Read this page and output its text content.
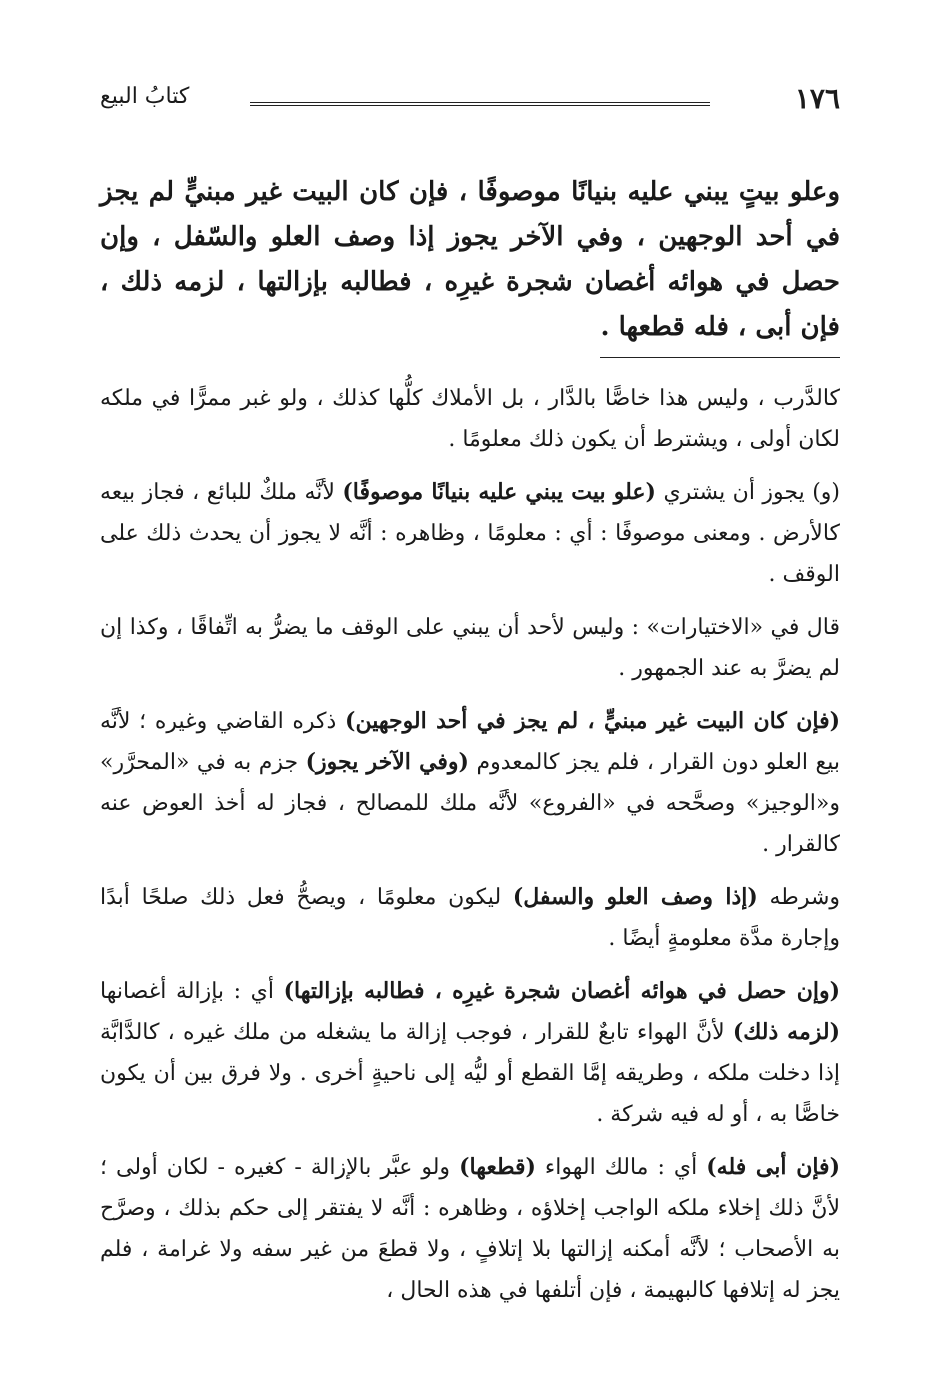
١٧٦
كتابُ البيع
وعلو بيتٍ يبني عليه بنيانًا موصوفًا ، فإن كان البيت غير مبنيٍّ لم يجز في أحد الوجهين ، وفي الآخر يجوز إذا وصف العلو والسّفل ، وإن حصل في هوائه أغصان شجرة غيرِه ، فطالبه بإزالتها ، لزمه ذلك ، فإن أبى ، فله قطعها .

كالدَّرب ، وليس هذا خاصًّا بالدَّار ، بل الأملاك كلُّها كذلك ، ولو غبر ممرًّا في ملكه لكان أولى ، ويشترط أن يكون ذلك معلومًا .

(و) يجوز أن يشتري (علو بيت يبني عليه بنيانًا موصوفًا) لأنَّه ملكٌ للبائع ، فجاز بيعه كالأرض . ومعنى موصوفًا : أي : معلومًا ، وظاهره : أنَّه لا يجوز أن يحدث ذلك على الوقف .

قال في «الاختيارات» : وليس لأحد أن يبني على الوقف ما يضرُّ به اتِّفاقًا ، وكذا إن لم يضرَّ به عند الجمهور .

(فإن كان البيت غير مبنيٍّ ، لم يجز في أحد الوجهين) ذكره القاضي وغيره ؛ لأنَّه بيع العلو دون القرار ، فلم يجز كالمعدوم (وفي الآخر يجوز) جزم به في «المحرَّر» و«الوجيز» وصحَّحه في «الفروع» لأنَّه ملك للمصالح ، فجاز له أخذ العوض عنه كالقرار .

وشرطه (إذا وصف العلو والسفل) ليكون معلومًا ، ويصحُّ فعل ذلك صلحًا أبدًا وإجارة مدَّة معلومةٍ أيضًا .

(وإن حصل في هوائه أغصان شجرة غيرِه ، فطالبه بإزالتها) أي : بإزالة أغصانها (لزمه ذلك) لأنَّ الهواء تابعٌ للقرار ، فوجب إزالة ما يشغله من ملك غيره ، كالدَّابَّة إذا دخلت ملكه ، وطريقه إمَّا القطع أو ليُّه إلى ناحيةٍ أخرى . ولا فرق بين أن يكون خاصًّا به ، أو له فيه شركة .

(فإن أبى فله) أي : مالك الهواء (قطعها) ولو عبَّر بالإزالة - كغيره - لكان أولى ؛ لأنَّ ذلك إخلاء ملكه الواجب إخلاؤه ، وظاهره : أنَّه لا يفتقر إلى حكم بذلك ، وصرَّح به الأصحاب ؛ لأنَّه أمكنه إزالتها بلا إتلافٍ ، ولا قطعَ من غير سفه ولا غرامة ، فلم يجز له إتلافها كالبهيمة ، فإن أتلفها في هذه الحال ،
